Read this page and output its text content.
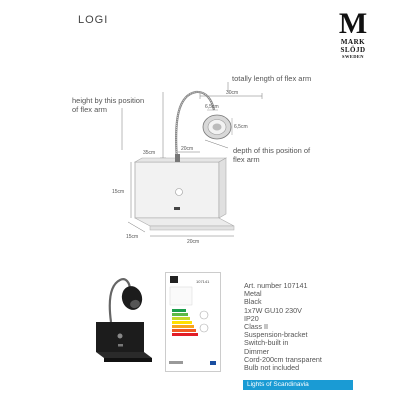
LOGI	M
MARK
SLÖJD
SWEDEN
totally length of flex arm
height by this position
of flex arm
depth of this position of
flex arm
30cm
6,5cm
6,5cm
20cm
35cm
15cm
15cm
20cm
107141	Art. number 107141
Metal
Black
1x7W GU10 230V
IP20
Class II
Suspension-bracket
Switch-built in
Dimmer
Cord-200cm transparent
Bulb not included
Lights of Scandinavia
